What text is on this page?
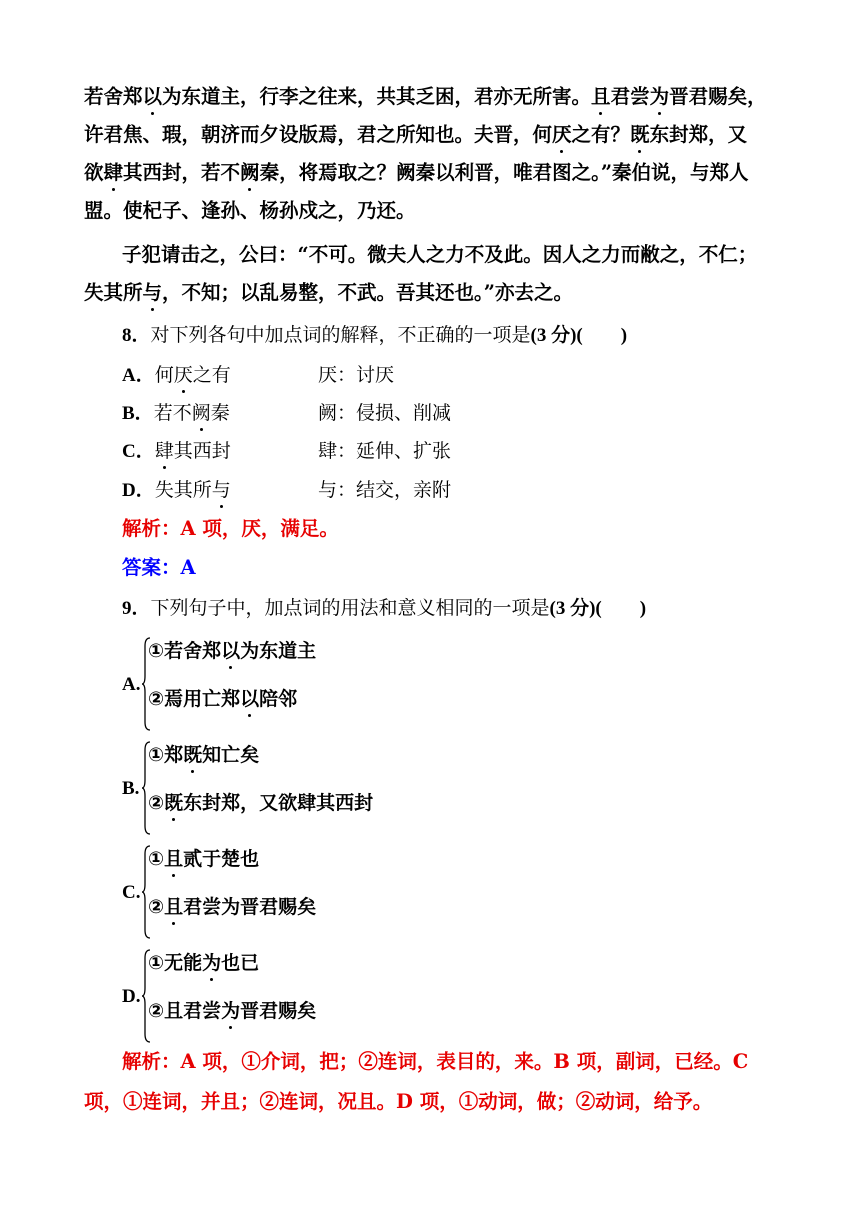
若舍郑以为东道主，行李之往来，共其乏困，君亦无所害。且君尝为晋君赐矣，
许君焦、瑕，朝济而夕设版焉，君之所知也。夫晋，何厌之有？既东封郑，又
欲肆其西封，若不阙秦，将焉取之？阙秦以利晋，唯君图之。”秦伯说，与郑人
盟。使杞子、逢孙、杨孙戍之，乃还。
子犯请击之，公曰：“不可。微夫人之力不及此。因人之力而敝之，不仁；
失其所与，不知；以乱易整，不武。吾其还也。”亦去之。
8．对下列各句中加点词的解释，不正确的一项是(3 分)(　　)
A．何厌之有	厌：讨厌
B．若不阙秦	阙：侵损、削减
C．肆其西封	肆：延伸、扩张
D．失其所与	与：结交，亲附
解析：A 项，厌，满足。
答案：A
9．下列句子中，加点词的用法和意义相同的一项是(3 分)(　　)
A.
①若舍郑以为东道主
②焉用亡郑以陪邻
B.
①郑既知亡矣
②既东封郑，又欲肆其西封
C.
①且贰于楚也
②且君尝为晋君赐矣
D.
①无能为也已
②且君尝为晋君赐矣
解析：A 项，①介词，把；②连词，表目的，来。B 项，副词，已经。C
项，①连词，并且；②连词，况且。D 项，①动词，做；②动词，给予。
